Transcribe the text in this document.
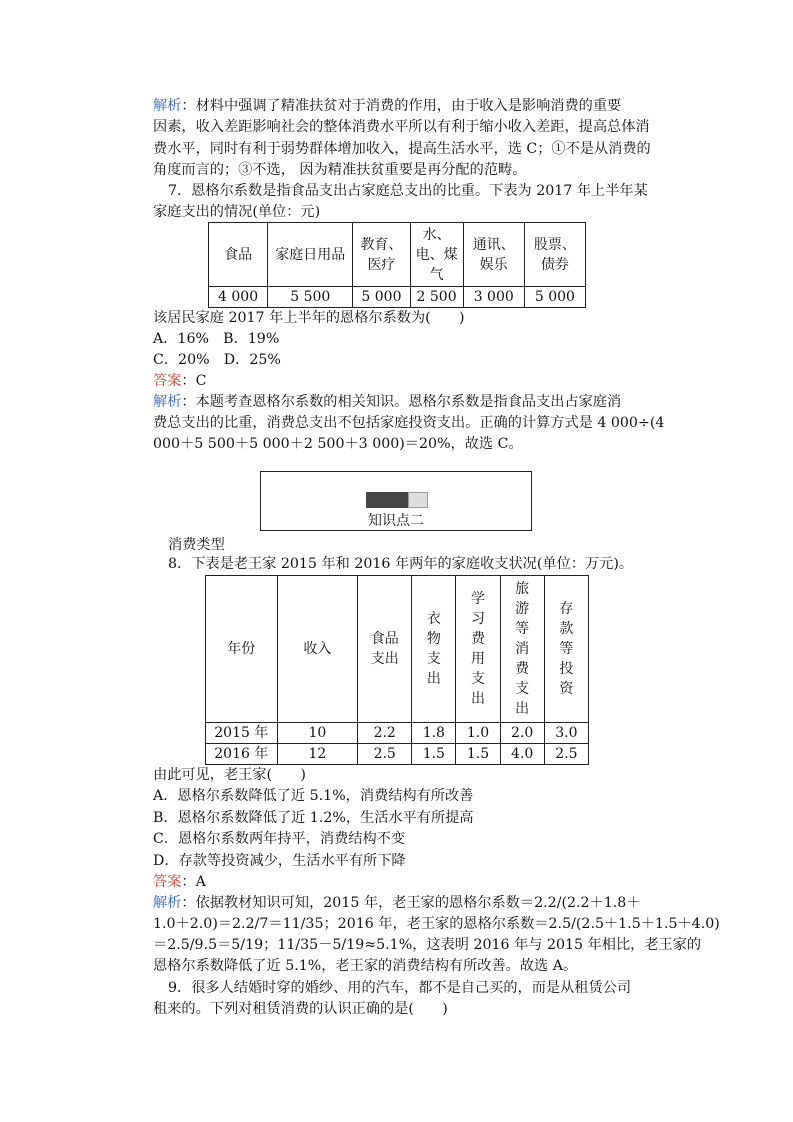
解析：材料中强调了精准扶贫对于消费的作用，由于收入是影响消费的重要
因素，收入差距影响社会的整体消费水平所以有利于缩小收入差距，提高总体消
费水平，同时有利于弱势群体增加收入，提高生活水平，选 C；①不是从消费的
角度而言的；③不选， 因为精准扶贫重要是再分配的范畴。
7．恩格尔系数是指食品支出占家庭总支出的比重。下表为 2017 年上半年某
家庭支出的情况(单位：元)
食品	家庭日用品	教育、医疗	水、电、煤气	通讯、娱乐	股票、债券
4 000	5 500	5 000	2 500	3 000	5 000
该居民家庭 2017 年上半年的恩格尔系数为(　　)
A．16%　B．19%
C．20%　D．25%
答案：C
解析：本题考查恩格尔系数的相关知识。恩格尔系数是指食品支出占家庭消
费总支出的比重，消费总支出不包括家庭投资支出。正确的计算方式是 4 000÷(4
000＋5 500＋5 000＋2 500＋3 000)＝20%，故选 C。
知识点二
消费类型
8．下表是老王家 2015 年和 2016 年两年的家庭收支状况(单位：万元)。
年份	收入	食品支出	衣物支出	学习费用支出	旅游等消费支出	存款等投资
2015 年	10	2.2	1.8	1.0	2.0	3.0
2016 年	12	2.5	1.5	1.5	4.0	2.5
由此可见，老王家(　　)
A．恩格尔系数降低了近 5.1%，消费结构有所改善
B．恩格尔系数降低了近 1.2%，生活水平有所提高
C．恩格尔系数两年持平，消费结构不变
D．存款等投资减少，生活水平有所下降
答案：A
解析：依据教材知识可知，2015 年，老王家的恩格尔系数＝2.2/(2.2＋1.8＋
1.0＋2.0)＝2.2/7＝11/35；2016 年，老王家的恩格尔系数＝2.5/(2.5＋1.5＋1.5＋4.0)
＝2.5/9.5＝5/19；11/35－5/19≈5.1%，这表明 2016 年与 2015 年相比，老王家的
恩格尔系数降低了近 5.1%，老王家的消费结构有所改善。故选 A。
9．很多人结婚时穿的婚纱、用的汽车，都不是自己买的，而是从租赁公司
租来的。下列对租赁消费的认识正确的是(　　)
